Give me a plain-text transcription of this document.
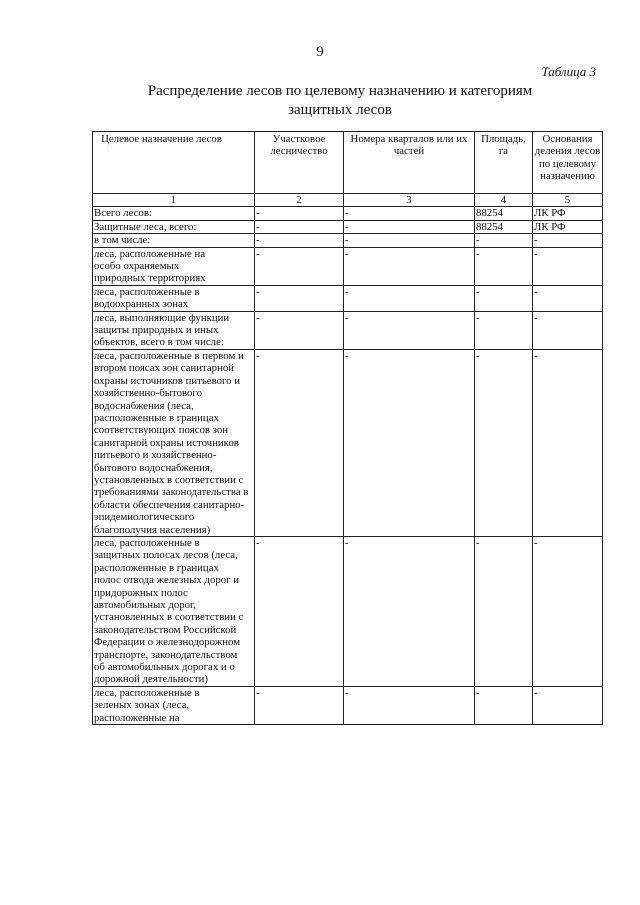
9
Таблица 3
Распределение лесов по целевому назначению и категориям защитных лесов
Целевое назначение лесов	Участковое лесничество	Номера кварталов или их частей	Площадь, га	Основания деления лесов по целевому назначению
1	2	3	4	5
Всего лесов:	-	-	88254	ЛК РФ
Защитные леса, всего:	-	-	88254	ЛК РФ
в том числе:	-	-	-	-
леса, расположенные на особо охраняемых природных территориях	-	-	-	-
леса, расположенные в водоохранных зонах	-	-	-	-
леса, выполняющие функции защиты природных и иных объектов, всего в том числе:	-	-	-	-
леса, расположенные в первом и втором поясах зон санитарной охраны источников питьевого и хозяйственно-бытового водоснабжения (леса, расположенные в границах соответствующих поясов зон санитарной охраны источников питьевого и хозяйственно-бытового водоснабжения, установленных в соответствии с требованиями законодательства в области обеспечения санитарно-эпидемиологического благополучия населения)	-	-	-	-
леса, расположенные в защитных полосах лесов (леса, расположенные в границах полос отвода железных дорог и придорожных полос автомобильных дорог, установленных в соответствии с законодательством Российской Федерации о железнодорожном транспорте, законодательством об автомобильных дорогах и о дорожной деятельности)	-	-	-	-
леса, расположенные в зеленых зонах (леса, расположенные на	-	-	-	-
